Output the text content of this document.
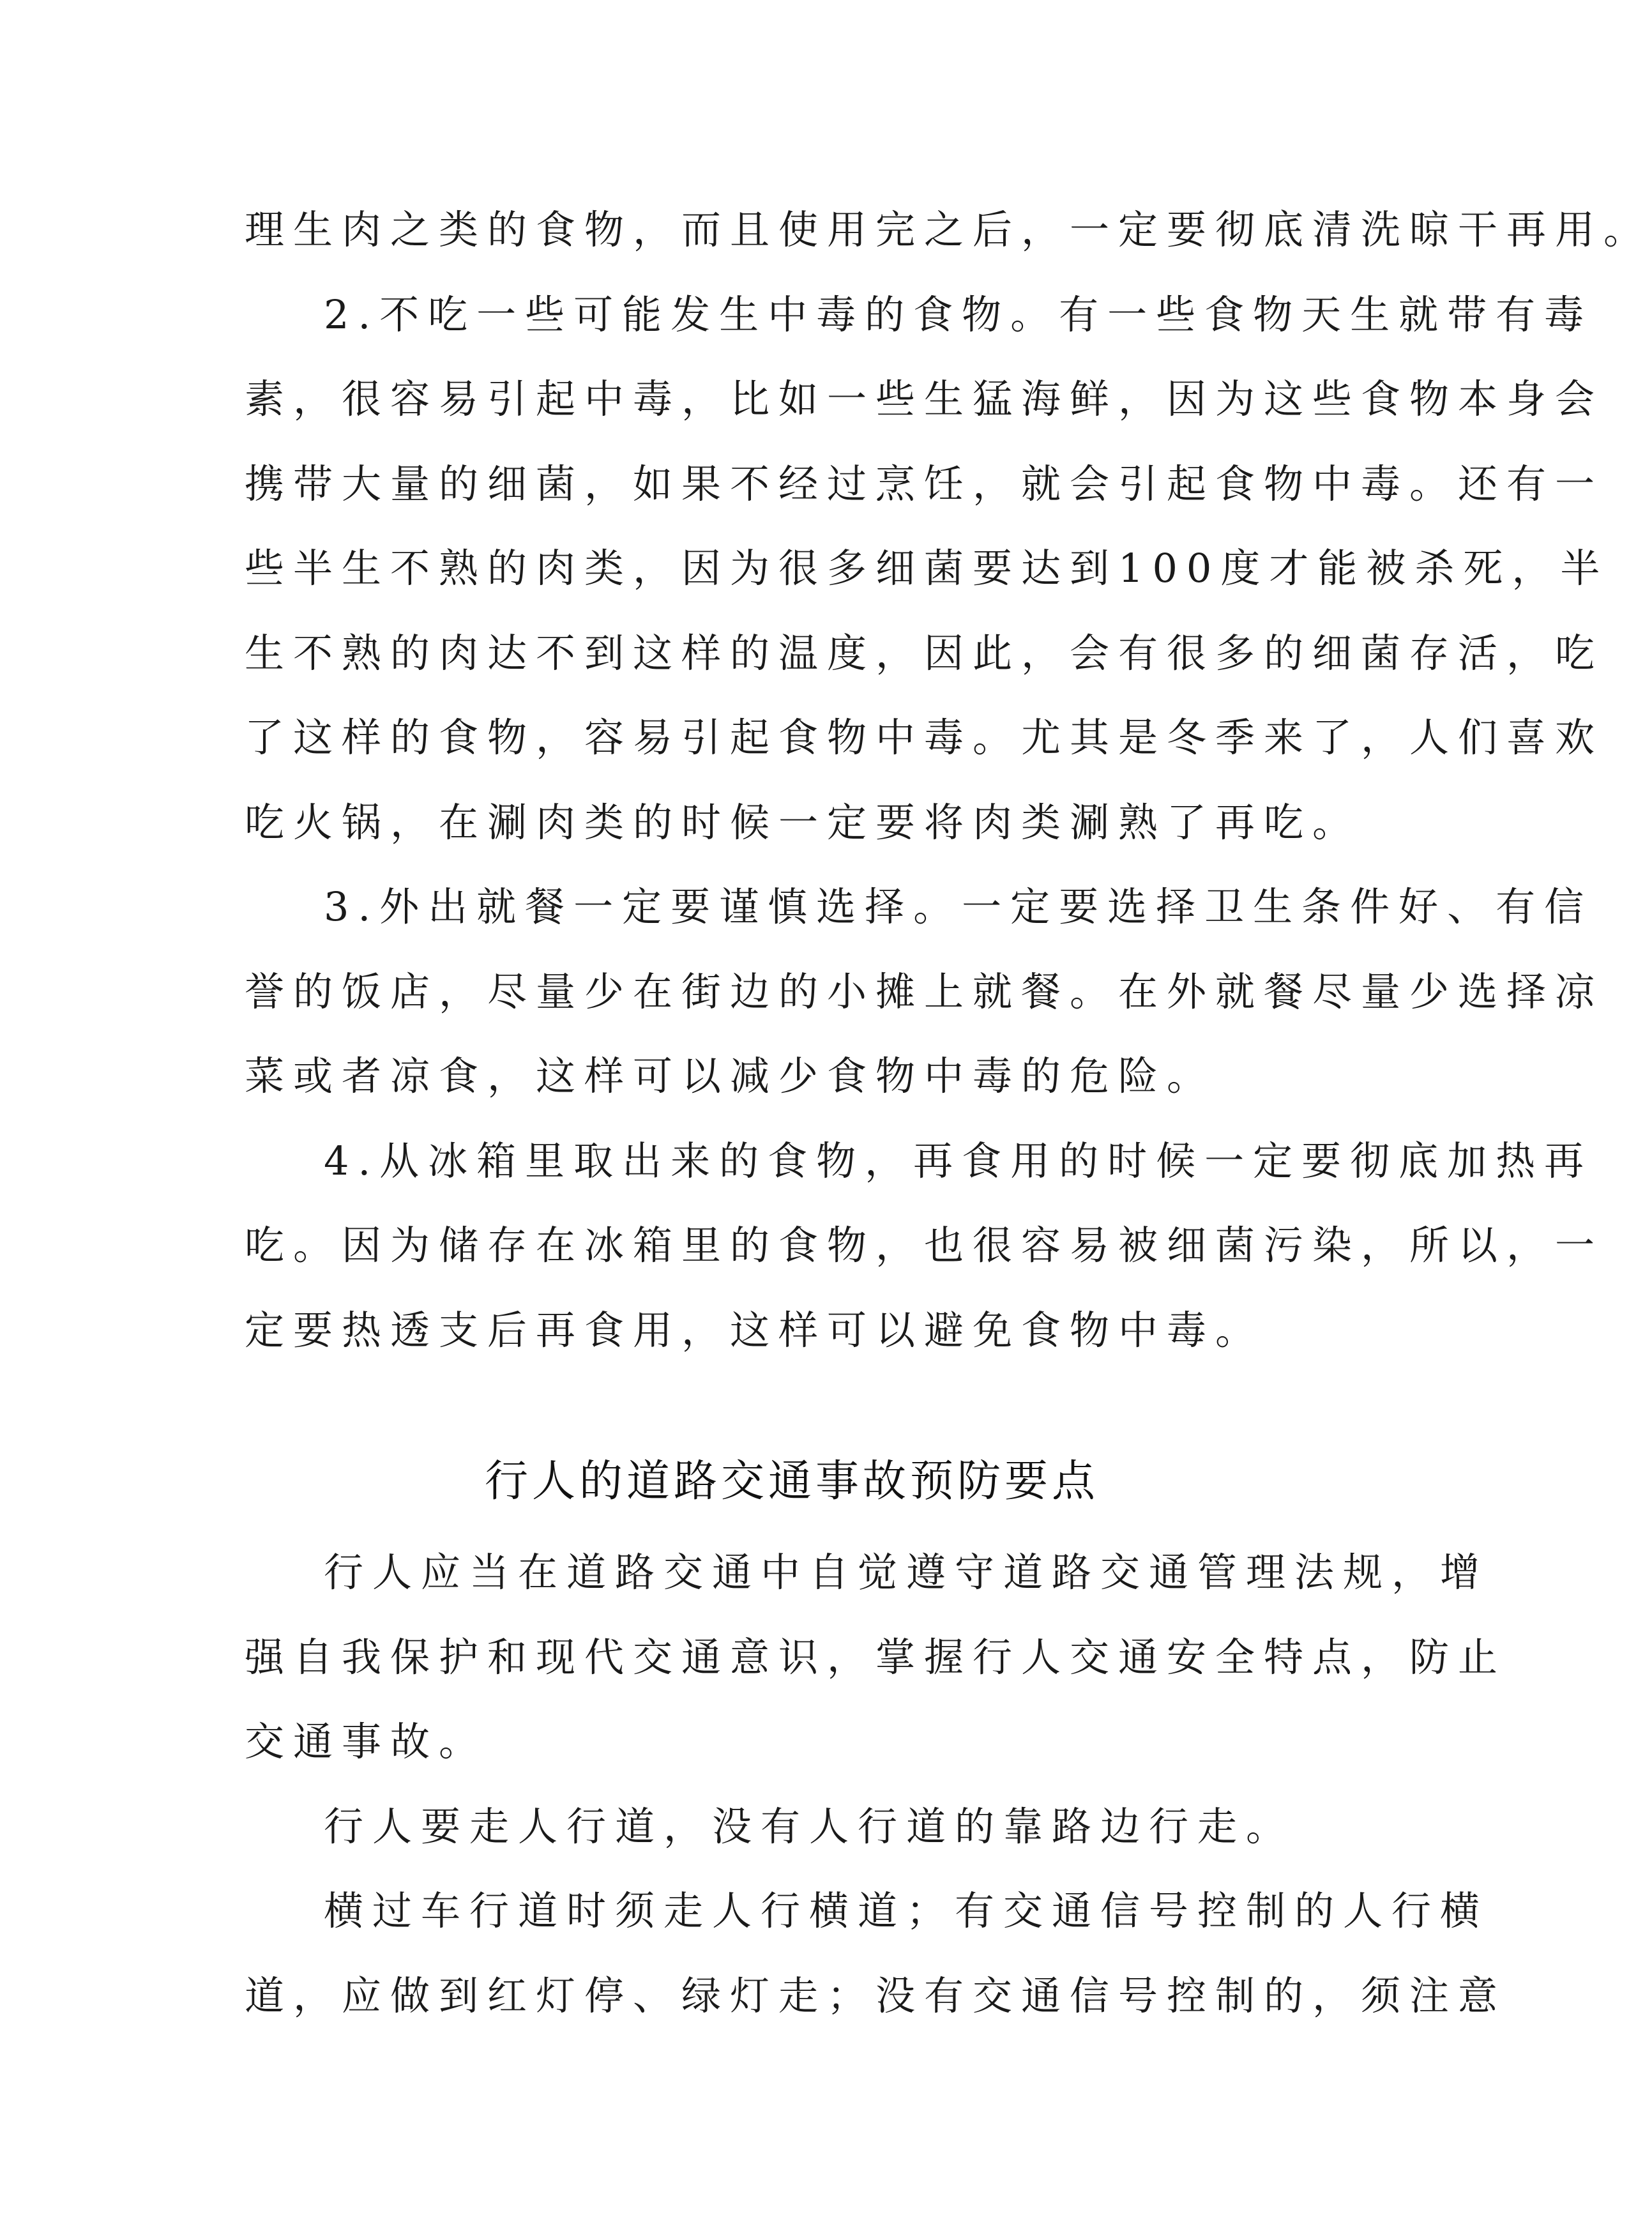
理生肉之类的食物，而且使用完之后，一定要彻底清洗晾干再用。
2.不吃一些可能发生中毒的食物。有一些食物天生就带有毒
素，很容易引起中毒，比如一些生猛海鲜，因为这些食物本身会
携带大量的细菌，如果不经过烹饪，就会引起食物中毒。还有一
些半生不熟的肉类，因为很多细菌要达到100度才能被杀死，半
生不熟的肉达不到这样的温度，因此，会有很多的细菌存活，吃
了这样的食物，容易引起食物中毒。尤其是冬季来了，人们喜欢
吃火锅，在涮肉类的时候一定要将肉类涮熟了再吃。
3.外出就餐一定要谨慎选择。一定要选择卫生条件好、有信
誉的饭店，尽量少在街边的小摊上就餐。在外就餐尽量少选择凉
菜或者凉食，这样可以减少食物中毒的危险。
4.从冰箱里取出来的食物，再食用的时候一定要彻底加热再
吃。因为储存在冰箱里的食物，也很容易被细菌污染，所以，一
定要热透支后再食用，这样可以避免食物中毒。
行人的道路交通事故预防要点
行人应当在道路交通中自觉遵守道路交通管理法规，增
强自我保护和现代交通意识，掌握行人交通安全特点，防止
交通事故。
行人要走人行道，没有人行道的靠路边行走。
横过车行道时须走人行横道；有交通信号控制的人行横
道，应做到红灯停、绿灯走；没有交通信号控制的，须注意
